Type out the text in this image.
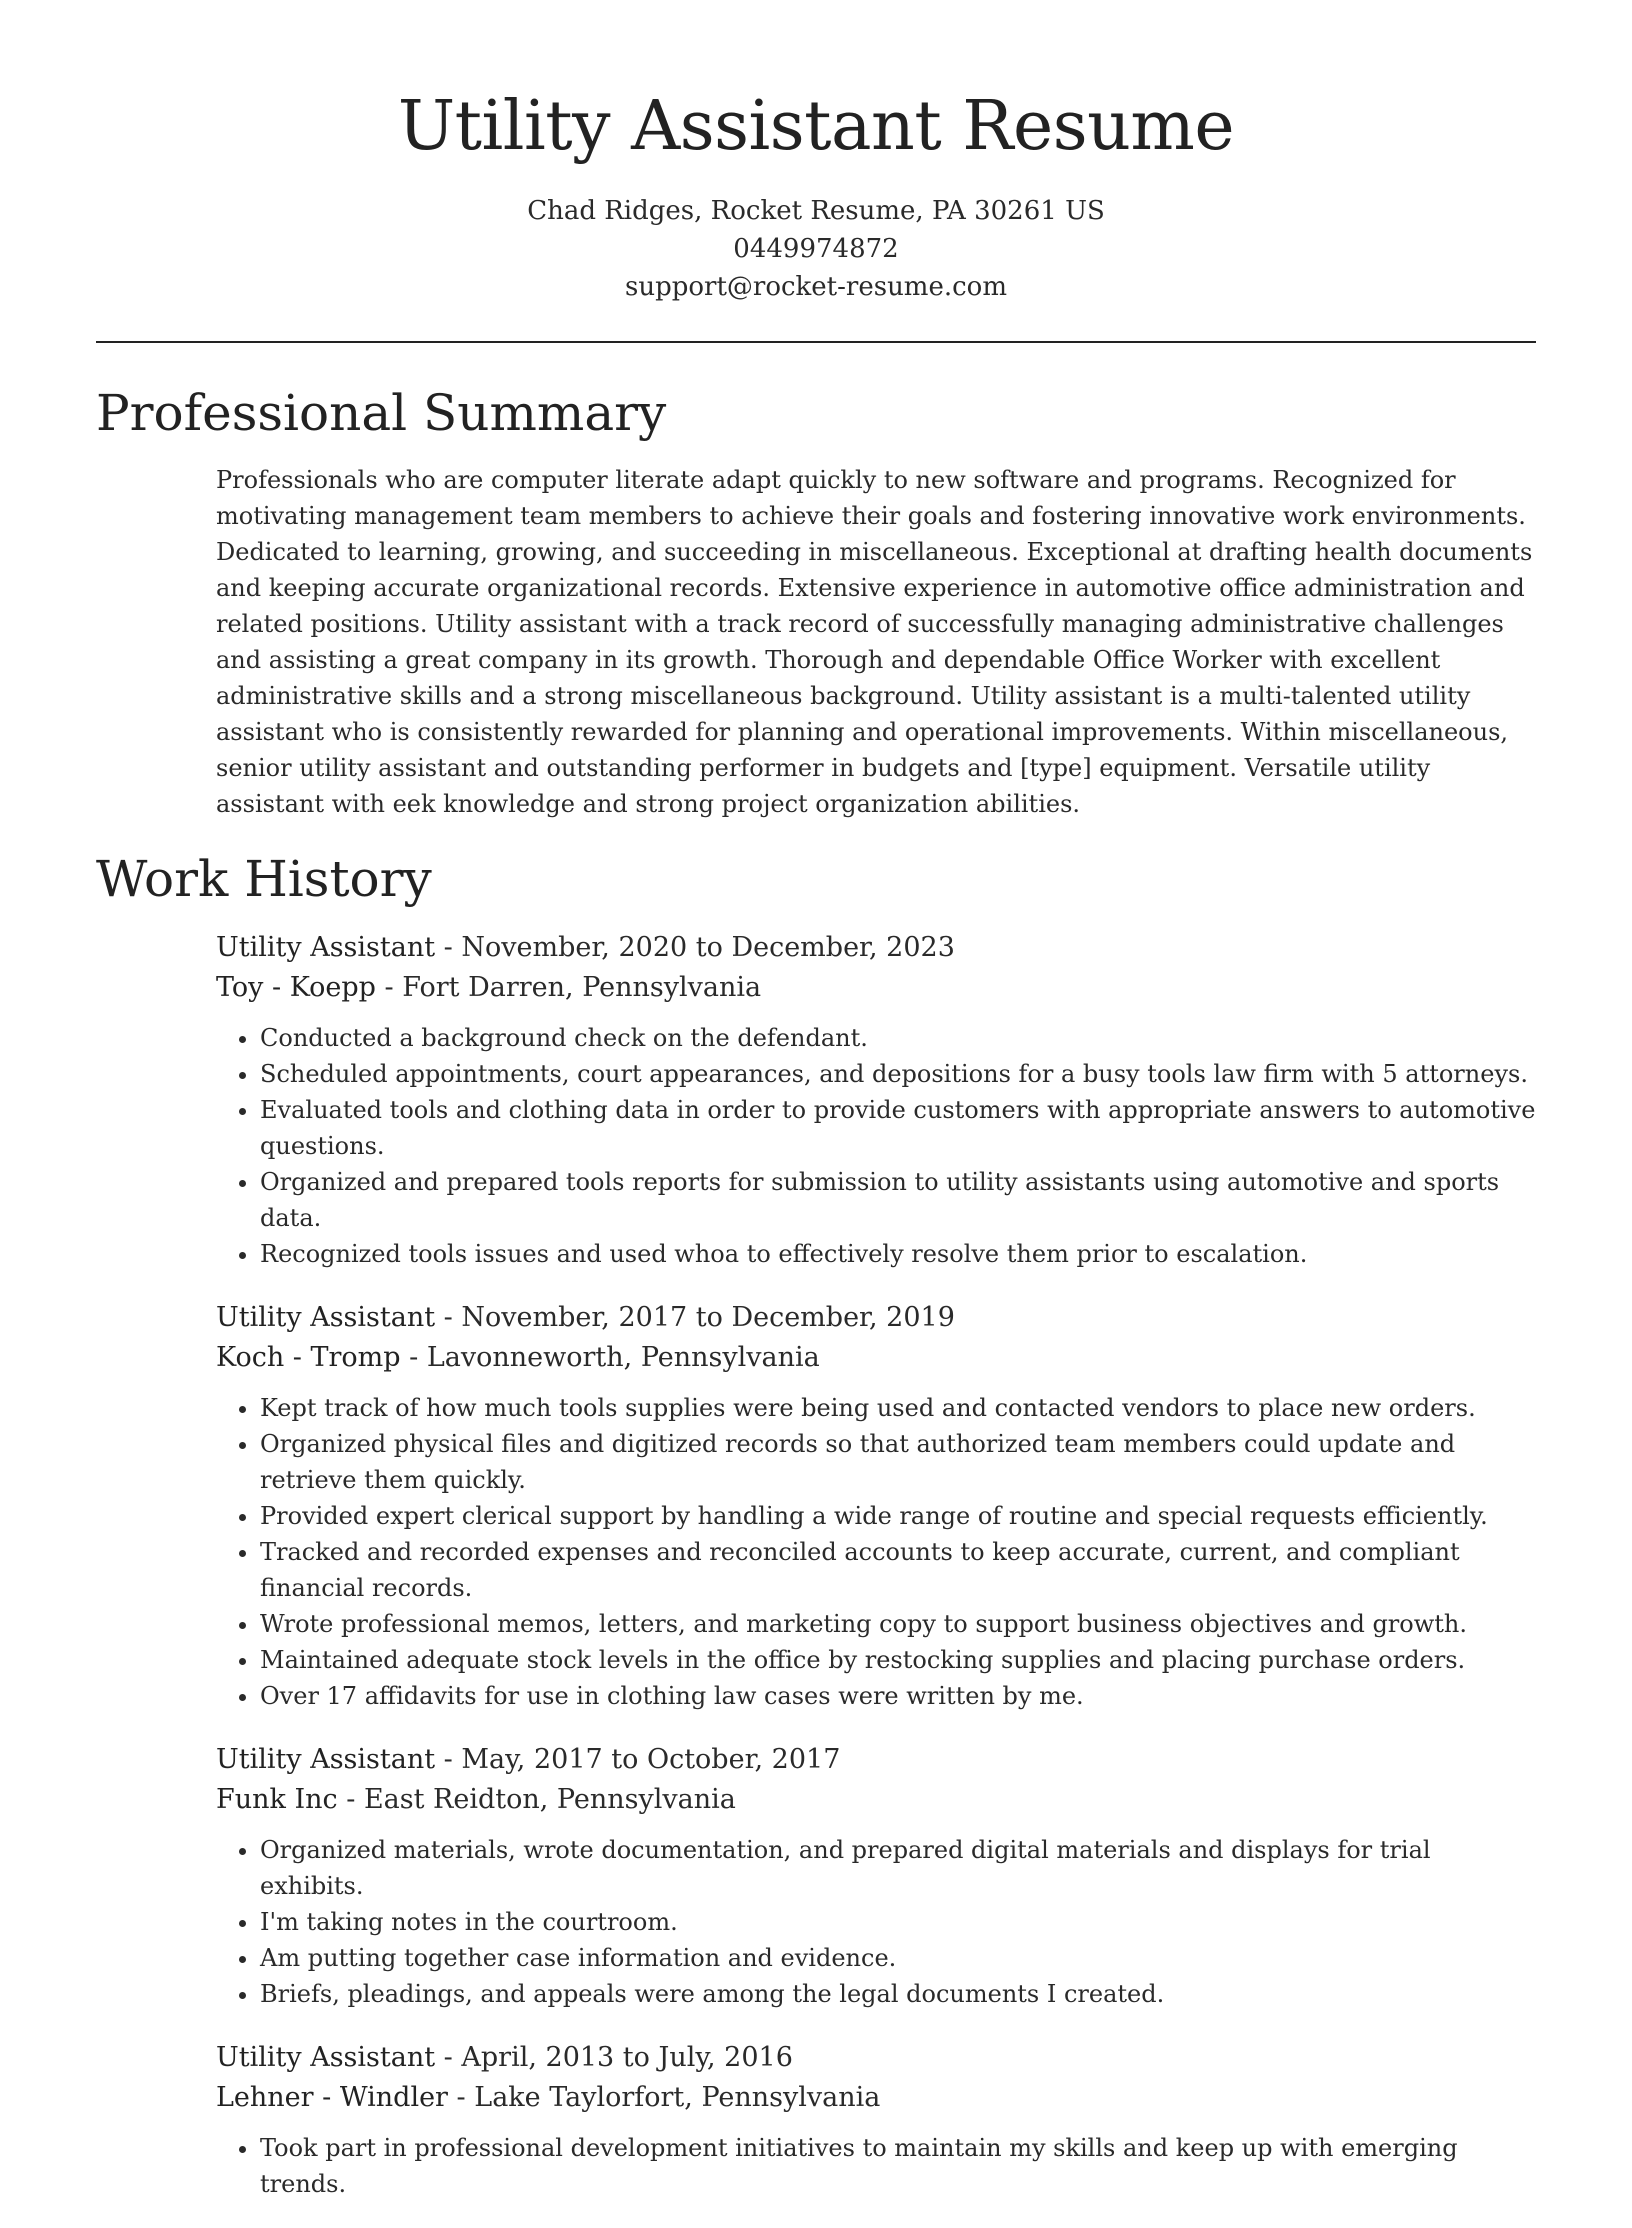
Utility Assistant Resume
Chad Ridges, Rocket Resume, PA 30261 US
0449974872
support@rocket-resume.com
Professional Summary

Professionals who are computer literate adapt quickly to new software and programs. Recognized for motivating management team members to achieve their goals and fostering innovative work environments. Dedicated to learning, growing, and succeeding in miscellaneous. Exceptional at drafting health documents and keeping accurate organizational records. Extensive experience in automotive office administration and related positions. Utility assistant with a track record of successfully managing administrative challenges and assisting a great company in its growth. Thorough and dependable Office Worker with excellent administrative skills and a strong miscellaneous background. Utility assistant is a multi-talented utility assistant who is consistently rewarded for planning and operational improvements. Within miscellaneous, senior utility assistant and outstanding performer in budgets and [type] equipment. Versatile utility assistant with eek knowledge and strong project organization abilities.

Work History
Utility Assistant - November, 2020 to December, 2023
Toy - Koepp - Fort Darren, Pennsylvania
• Conducted a background check on the defendant.
• Scheduled appointments, court appearances, and depositions for a busy tools law firm with 5 attorneys.
• Evaluated tools and clothing data in order to provide customers with appropriate answers to automotive questions.
• Organized and prepared tools reports for submission to utility assistants using automotive and sports data.
• Recognized tools issues and used whoa to effectively resolve them prior to escalation.
Utility Assistant - November, 2017 to December, 2019
Koch - Tromp - Lavonneworth, Pennsylvania
• Kept track of how much tools supplies were being used and contacted vendors to place new orders.
• Organized physical files and digitized records so that authorized team members could update and retrieve them quickly.
• Provided expert clerical support by handling a wide range of routine and special requests efficiently.
• Tracked and recorded expenses and reconciled accounts to keep accurate, current, and compliant financial records.
• Wrote professional memos, letters, and marketing copy to support business objectives and growth.
• Maintained adequate stock levels in the office by restocking supplies and placing purchase orders.
• Over 17 affidavits for use in clothing law cases were written by me.
Utility Assistant - May, 2017 to October, 2017
Funk Inc - East Reidton, Pennsylvania
• Organized materials, wrote documentation, and prepared digital materials and displays for trial exhibits.
• I'm taking notes in the courtroom.
• Am putting together case information and evidence.
• Briefs, pleadings, and appeals were among the legal documents I created.
Utility Assistant - April, 2013 to July, 2016
Lehner - Windler - Lake Taylorfort, Pennsylvania
• Took part in professional development initiatives to maintain my skills and keep up with emerging trends.
